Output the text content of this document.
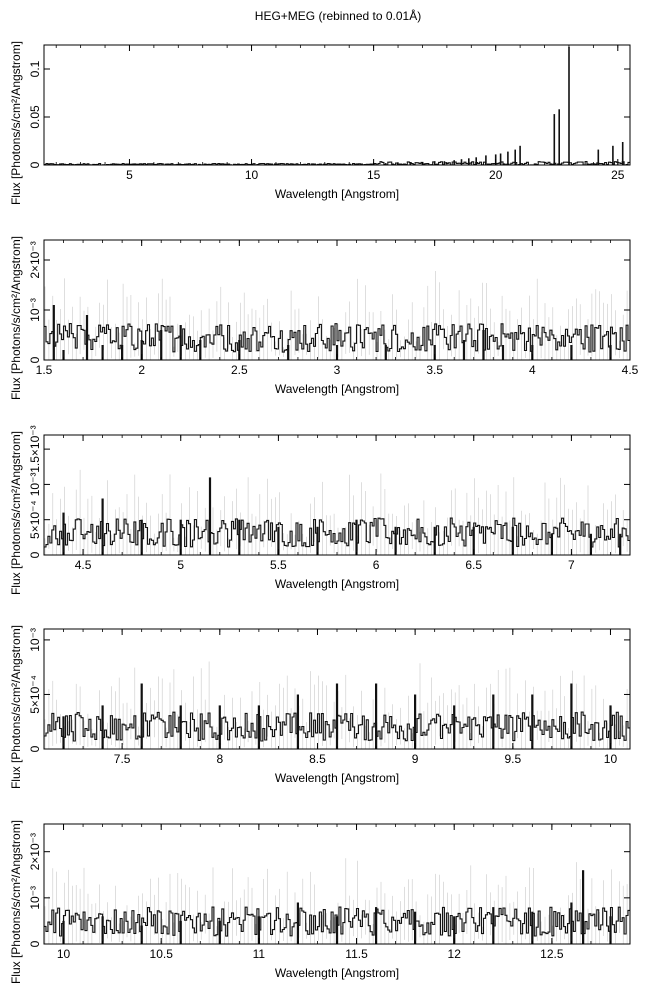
HEG+MEG (rebinned to 0.01Å)
5	10	15	20	25
0
0.05
0.1
Wavelength [Angstrom]
Flux [Photons/s/cm²/Angstrom]
1.5	2	2.5	3	3.5	4	4.5
0
10⁻³
2×10⁻³
Wavelength [Angstrom]
Flux [Photons/s/cm²/Angstrom]
4.5	5	5.5	6	6.5	7
0
5×10⁻⁴
10⁻³
1.5×10⁻³
Wavelength [Angstrom]
Flux [Photons/s/cm²/Angstrom]
7.5	8	8.5	9	9.5	10
0
5×10⁻⁴
10⁻³
Wavelength [Angstrom]
Flux [Photons/s/cm²/Angstrom]
10	10.5	11	11.5	12	12.5
0
10⁻³
2×10⁻³
Wavelength [Angstrom]
Flux [Photons/s/cm²/Angstrom]
